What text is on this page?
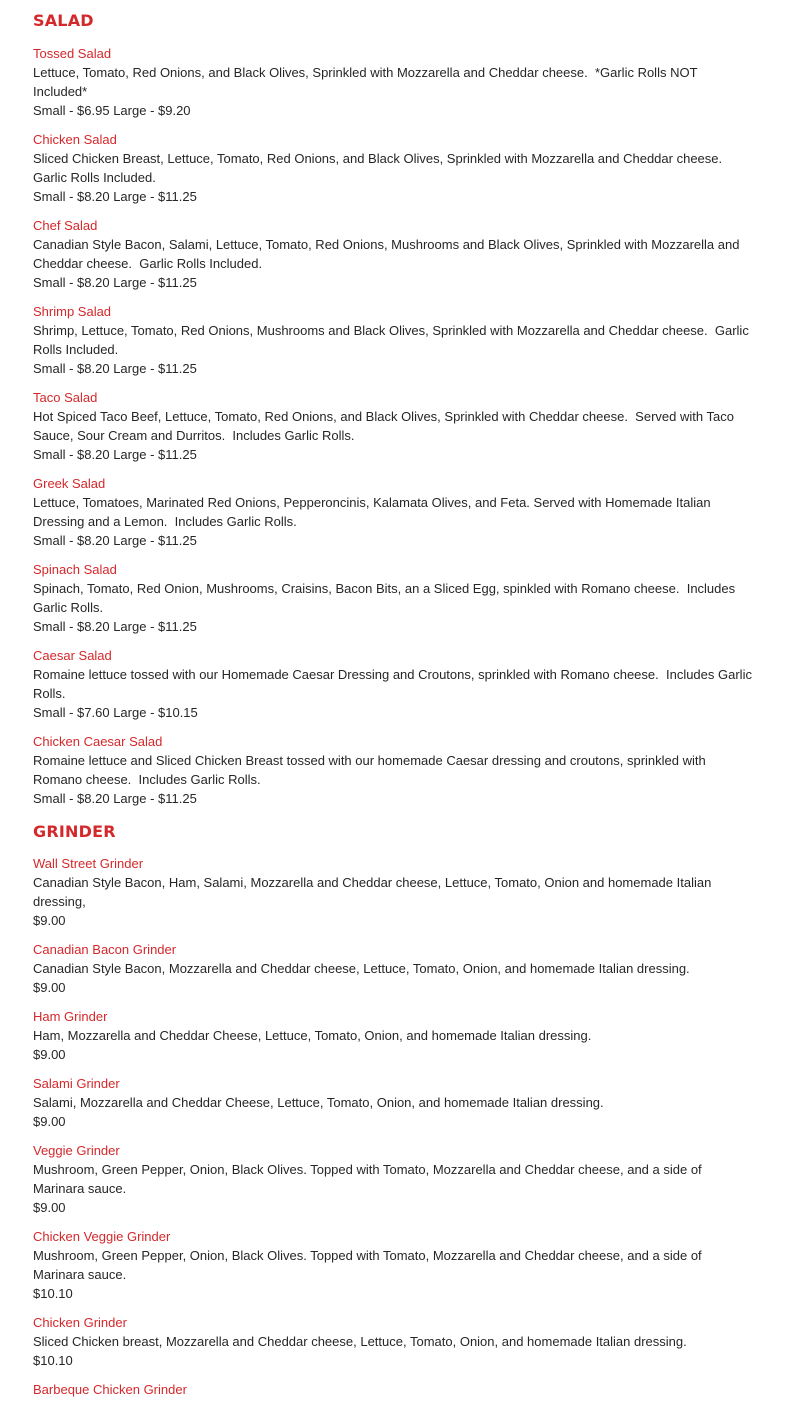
SALAD
Tossed Salad
Lettuce, Tomato, Red Onions, and Black Olives, Sprinkled with Mozzarella and Cheddar cheese.  *Garlic Rolls NOT Included*
Small - $6.95 Large - $9.20
Chicken Salad
Sliced Chicken Breast, Lettuce, Tomato, Red Onions, and Black Olives, Sprinkled with Mozzarella and Cheddar cheese.  Garlic Rolls Included.
Small - $8.20 Large - $11.25
Chef Salad
Canadian Style Bacon, Salami, Lettuce, Tomato, Red Onions, Mushrooms and Black Olives, Sprinkled with Mozzarella and Cheddar cheese.  Garlic Rolls Included.
Small - $8.20 Large - $11.25
Shrimp Salad
Shrimp, Lettuce, Tomato, Red Onions, Mushrooms and Black Olives, Sprinkled with Mozzarella and Cheddar cheese.  Garlic Rolls Included.
Small - $8.20 Large - $11.25
Taco Salad
Hot Spiced Taco Beef, Lettuce, Tomato, Red Onions, and Black Olives, Sprinkled with Cheddar cheese.  Served with Taco Sauce, Sour Cream and Durritos.  Includes Garlic Rolls.
Small - $8.20 Large - $11.25
Greek Salad
Lettuce, Tomatoes, Marinated Red Onions, Pepperoncinis, Kalamata Olives, and Feta. Served with Homemade Italian Dressing and a Lemon.  Includes Garlic Rolls.
Small - $8.20 Large - $11.25
Spinach Salad
Spinach, Tomato, Red Onion, Mushrooms, Craisins, Bacon Bits, an a Sliced Egg, spinkled with Romano cheese.  Includes Garlic Rolls.
Small - $8.20 Large - $11.25
Caesar Salad
Romaine lettuce tossed with our Homemade Caesar Dressing and Croutons, sprinkled with Romano cheese.  Includes Garlic Rolls.
Small - $7.60 Large - $10.15
Chicken Caesar Salad
Romaine lettuce and Sliced Chicken Breast tossed with our homemade Caesar dressing and croutons, sprinkled with Romano cheese.  Includes Garlic Rolls.
Small - $8.20 Large - $11.25
GRINDER
Wall Street Grinder
Canadian Style Bacon, Ham, Salami, Mozzarella and Cheddar cheese, Lettuce, Tomato, Onion and homemade Italian dressing,
$9.00
Canadian Bacon Grinder
Canadian Style Bacon, Mozzarella and Cheddar cheese, Lettuce, Tomato, Onion, and homemade Italian dressing.
$9.00
Ham Grinder
Ham, Mozzarella and Cheddar Cheese, Lettuce, Tomato, Onion, and homemade Italian dressing.
$9.00
Salami Grinder
Salami, Mozzarella and Cheddar Cheese, Lettuce, Tomato, Onion, and homemade Italian dressing.
$9.00
Veggie Grinder
Mushroom, Green Pepper, Onion, Black Olives. Topped with Tomato, Mozzarella and Cheddar cheese, and a side of Marinara sauce.
$9.00
Chicken Veggie Grinder
Mushroom, Green Pepper, Onion, Black Olives. Topped with Tomato, Mozzarella and Cheddar cheese, and a side of Marinara sauce.
$10.10
Chicken Grinder
Sliced Chicken breast, Mozzarella and Cheddar cheese, Lettuce, Tomato, Onion, and homemade Italian dressing.
$10.10
Barbeque Chicken Grinder
